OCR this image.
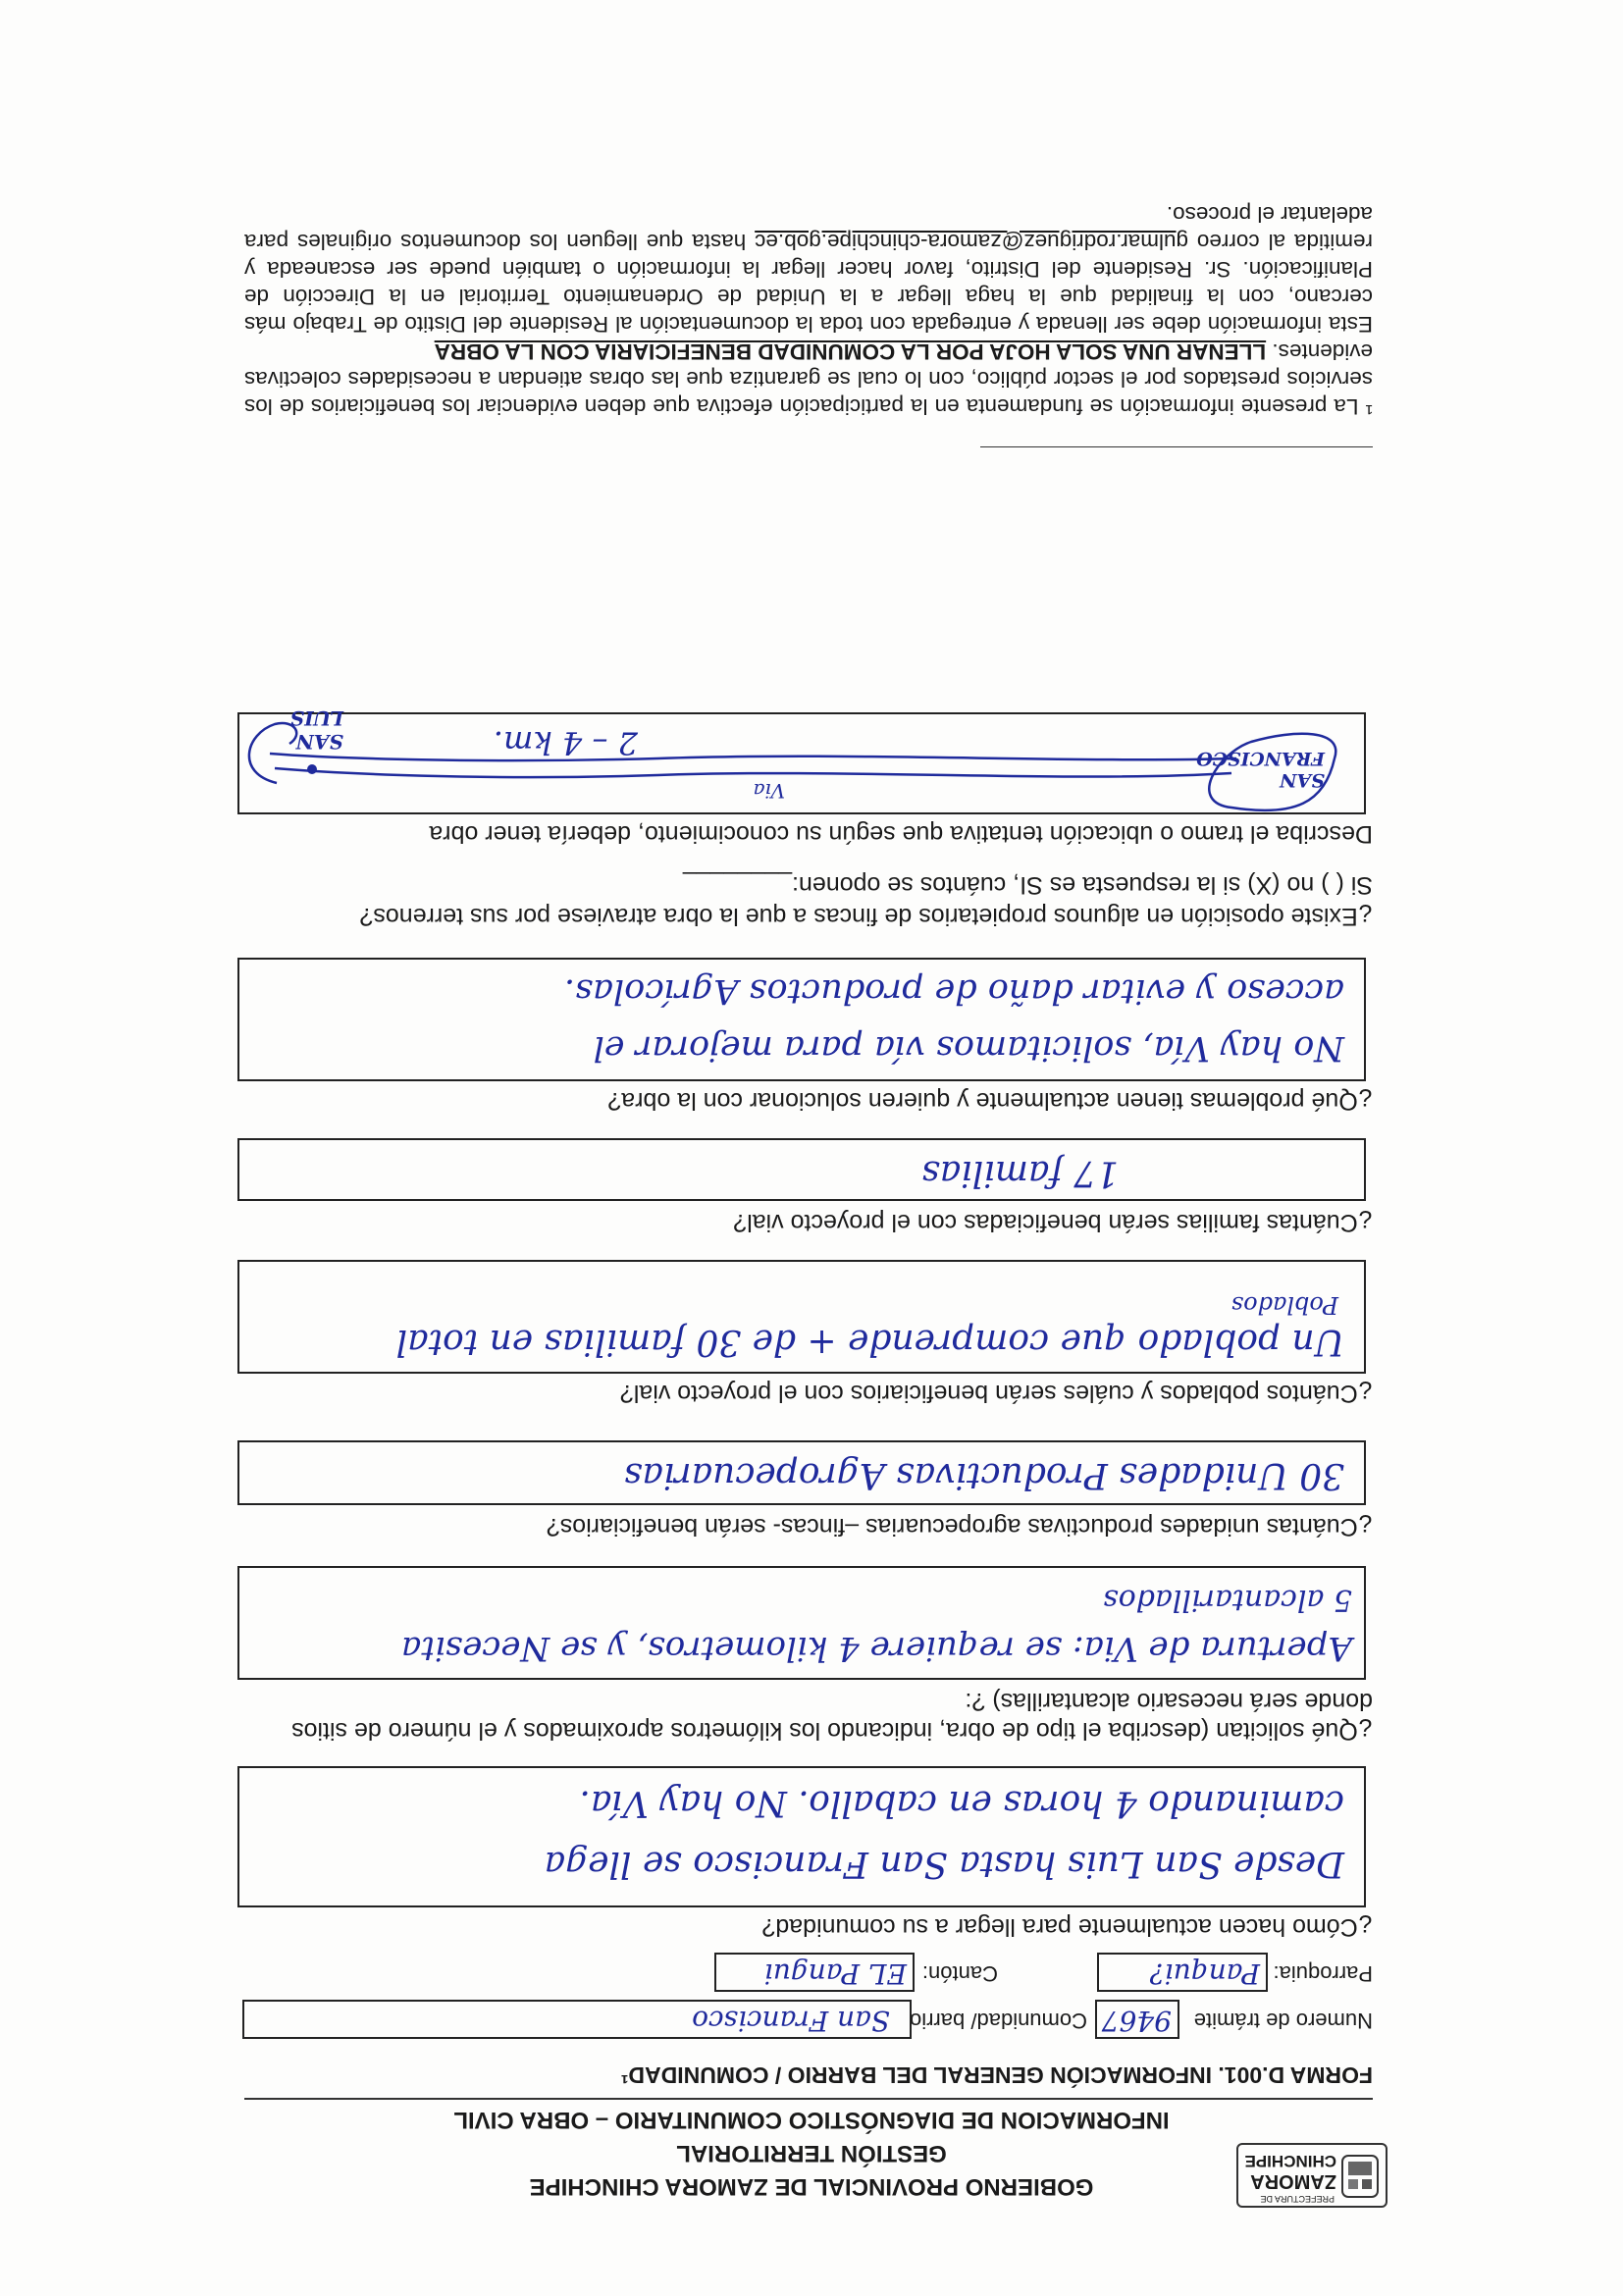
PREFECTURA DE
ZAMORA
CHINCHIPE
GOBIERNO PROVINCIAL DE ZAMORA CHINCHIPE
GESTIÓN TERRITORIAL
INFORMACION DE DIAGNÓSTICO COMUNITARIO – OBRA CIVIL
FORMA D.001. INFORMACIÓN GENERAL DEL BARRIO / COMUNIDAD¹
Numero de trámite
9467
Comunidad/ barrio
San Francisco
Parroquia:
Panqui?
Cantón:
EL Pangui
¿Cómo hacen actualmente para llegar a su comunidad?
Desde San Luis hasta San Francisco se llega
caminando 4 horas en caballo. No hay Vía.
¿Qué solicitan (describa el tipo de obra, indicando los kilómetros aproximados y el número de sitios
donde será necesario alcantarillas) ?:
Apertura de Via: se requiere 4 kilometros, y se Necesita
5 alcantarillados
¿Cuántas unidades productivas agropecuarias –fincas- serán beneficiarios?
30 Unidades Productivas Agropecuarias
¿Cuántos poblados y cuáles serán beneficiarios con el proyecto vial?
Poblados
Un poblado que comprende + de 30 familias en total
¿Cuántas familias serán beneficiadas con el proyecto vial?
17 familias
¿Qué problemas tienen actualmente y quieren solucionar con la obra?
No hay Vía, solicitamos vía para mejorar el
acceso y evitar daño de productos Agrícolas.
¿Existe oposición en algunos propietarios de fincas a que la obra atraviese por sus terrenos?
Si ( ) no (X) si la respuesta es SI, cuántos se oponen:________
Describa el tramo o ubicación tentativa que según su conocimiento, debería tener obra
SAN FRANCISCO
Via
2 – 4 km.
SAN LUIS
¹ La presente información se fundamenta en la participación efectiva que deben evidenciar los beneficiarios de los servicios prestados por el sector público, con lo cual se garantiza que las obras atiendan a necesidades colectivas evidentes. LLENAR UNA SOLA HOJA POR LA COMUNIDAD BENEFICIARIA CON LA OBRA
Esta información debe ser llenada y entregada con toda la documentación al Residente del Distito de Trabajo más cercano, con la finalidad que la haga llegar a la Unidad de Ordenamiento Territorial en la Dirección de Planificación. Sr. Residente del Distrito, favor hacer llegar la información o también puede ser escaneada y remitida al correo gulmar.rodriguez@zamora-chinchipe.gob.ec hasta que lleguen los documentos originales para adelantar el proceso.
